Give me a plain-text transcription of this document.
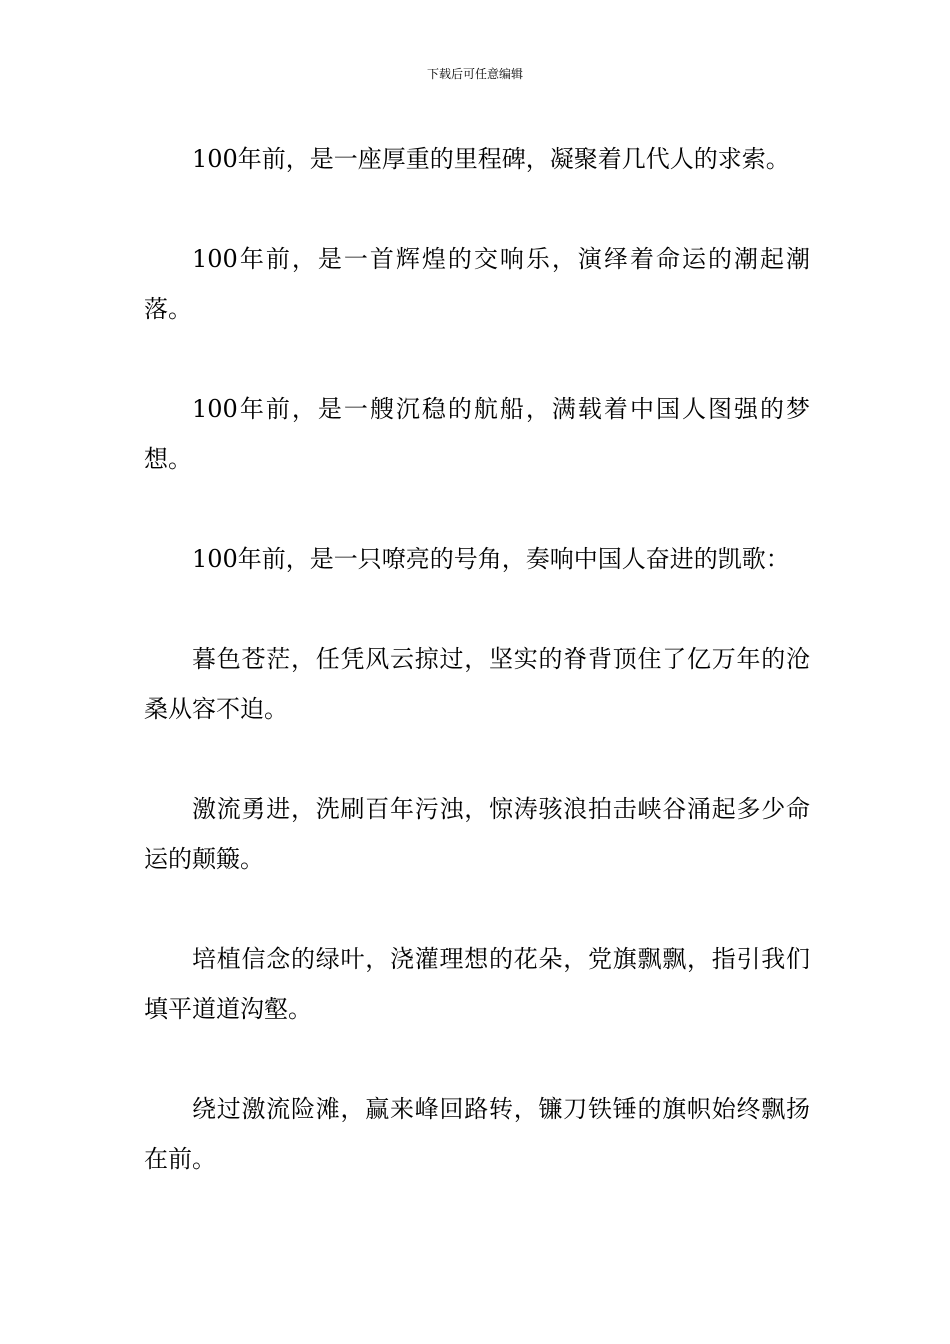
下载后可任意编辑

100年前，是一座厚重的里程碑，凝聚着几代人的求索。

100年前，是一首辉煌的交响乐，演绎着命运的潮起潮落。

100年前，是一艘沉稳的航船，满载着中国人图强的梦想。

100年前，是一只嘹亮的号角，奏响中国人奋进的凯歌：

暮色苍茫，任凭风云掠过，坚实的脊背顶住了亿万年的沧桑从容不迫。

激流勇进，洗刷百年污浊，惊涛骇浪拍击峡谷涌起多少命运的颠簸。

培植信念的绿叶，浇灌理想的花朵，党旗飘飘，指引我们填平道道沟壑。

绕过激流险滩，赢来峰回路转，镰刀铁锤的旗帜始终飘扬在前。
